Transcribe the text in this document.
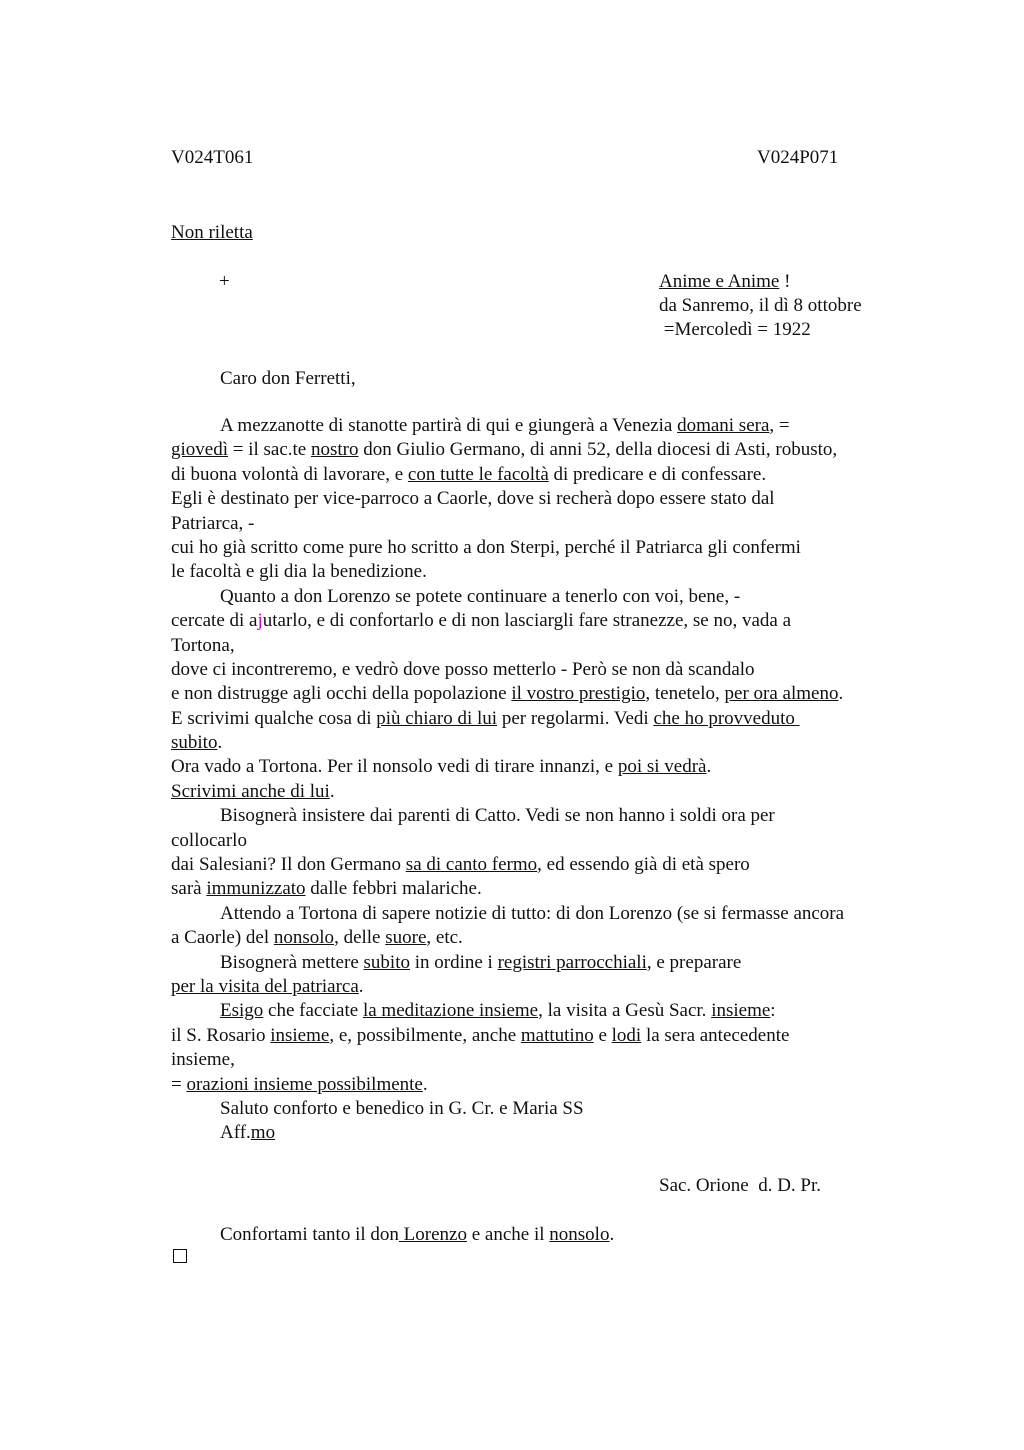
V024T061	V024P071
Non riletta
+	Anime e Anime !
da Sanremo, il dì 8 ottobre
=Mercoledì = 1922
Caro don Ferretti,
A mezzanotte di stanotte partirà di qui e giungerà a Venezia domani sera, =
giovedì = il sac.te nostro don Giulio Germano, di anni 52, della diocesi di Asti, robusto,
di buona volontà di lavorare, e con tutte le facoltà di predicare e di confessare.
Egli è destinato per vice-parroco a Caorle, dove si recherà dopo essere stato dal
Patriarca, -
cui ho già scritto come pure ho scritto a don Sterpi, perché il Patriarca gli confermi
le facoltà e gli dia la benedizione.
Quanto a don Lorenzo se potete continuare a tenerlo con voi, bene, -
cercate di ajutarlo, e di confortarlo e di non lasciargli fare stranezze, se no, vada a
Tortona,
dove ci incontreremo, e vedrò dove posso metterlo - Però se non dà scandalo
e non distrugge agli occhi della popolazione il vostro prestigio, tenetelo, per ora almeno.
E scrivimi qualche cosa di più chiaro di lui per regolarmi. Vedi che ho provveduto
subito.
Ora vado a Tortona. Per il nonsolo vedi di tirare innanzi, e poi si vedrà.
Scrivimi anche di lui.
Bisognerà insistere dai parenti di Catto. Vedi se non hanno i soldi ora per
collocarlo
dai Salesiani? Il don Germano sa di canto fermo, ed essendo già di età spero
sarà immunizzato dalle febbri malariche.
Attendo a Tortona di sapere notizie di tutto: di don Lorenzo (se si fermasse ancora
a Caorle) del nonsolo, delle suore, etc.
Bisognerà mettere subito in ordine i registri parrocchiali, e preparare
per la visita del patriarca.
Esigo che facciate la meditazione insieme, la visita a Gesù Sacr. insieme:
il S. Rosario insieme, e, possibilmente, anche mattutino e lodi la sera antecedente
insieme,
= orazioni insieme possibilmente.
Saluto conforto e benedico in G. Cr. e Maria SS
Aff.mo
Sac. Orione  d. D. Pr.
Confortami tanto il don Lorenzo e anche il nonsolo.
